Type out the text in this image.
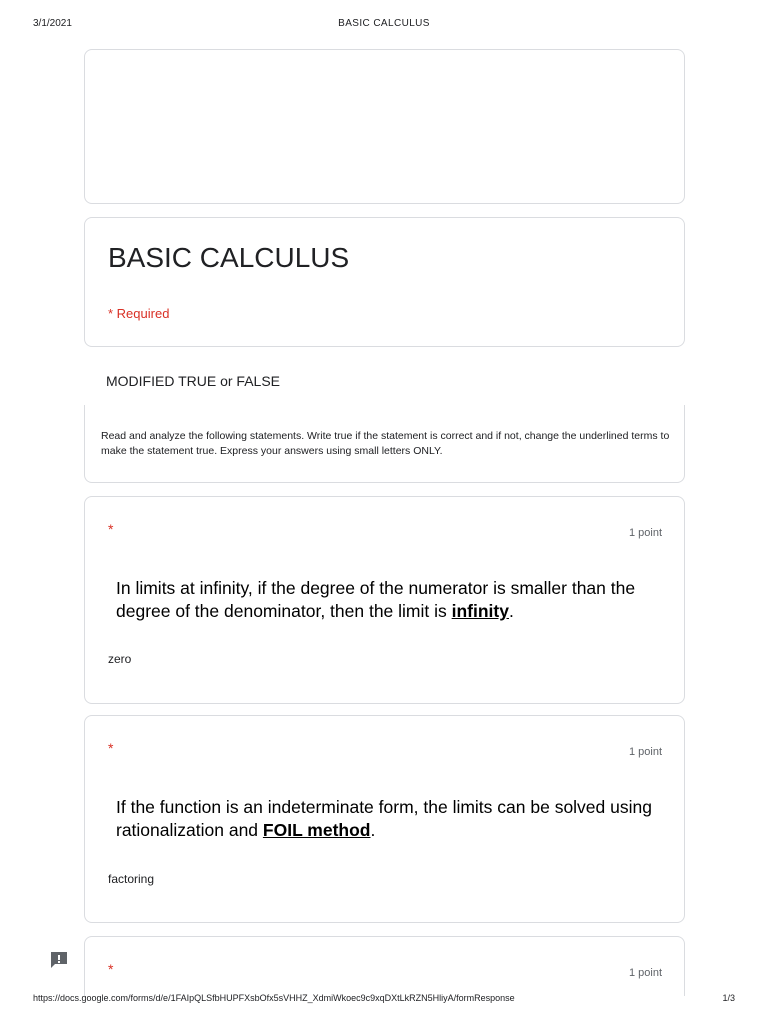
3/1/2021	BASIC CALCULUS
BASIC CALCULUS
* Required
MODIFIED TRUE or FALSE
Read and analyze the following statements. Write true if the statement is correct and if not, change the underlined terms to make the statement true. Express your answers using small letters ONLY.
*	1 point
In limits at infinity, if the degree of the numerator is smaller than the degree of the denominator, then the limit is infinity.
zero
*	1 point
If the function is an indeterminate form, the limits can be solved using rationalization and FOIL method.
factoring
*	1 point
https://docs.google.com/forms/d/e/1FAIpQLSfbHUPFXsbOfx5sVHHZ_XdmiWkoec9c9xqDXtLkRZN5HliyA/formResponse	1/3
